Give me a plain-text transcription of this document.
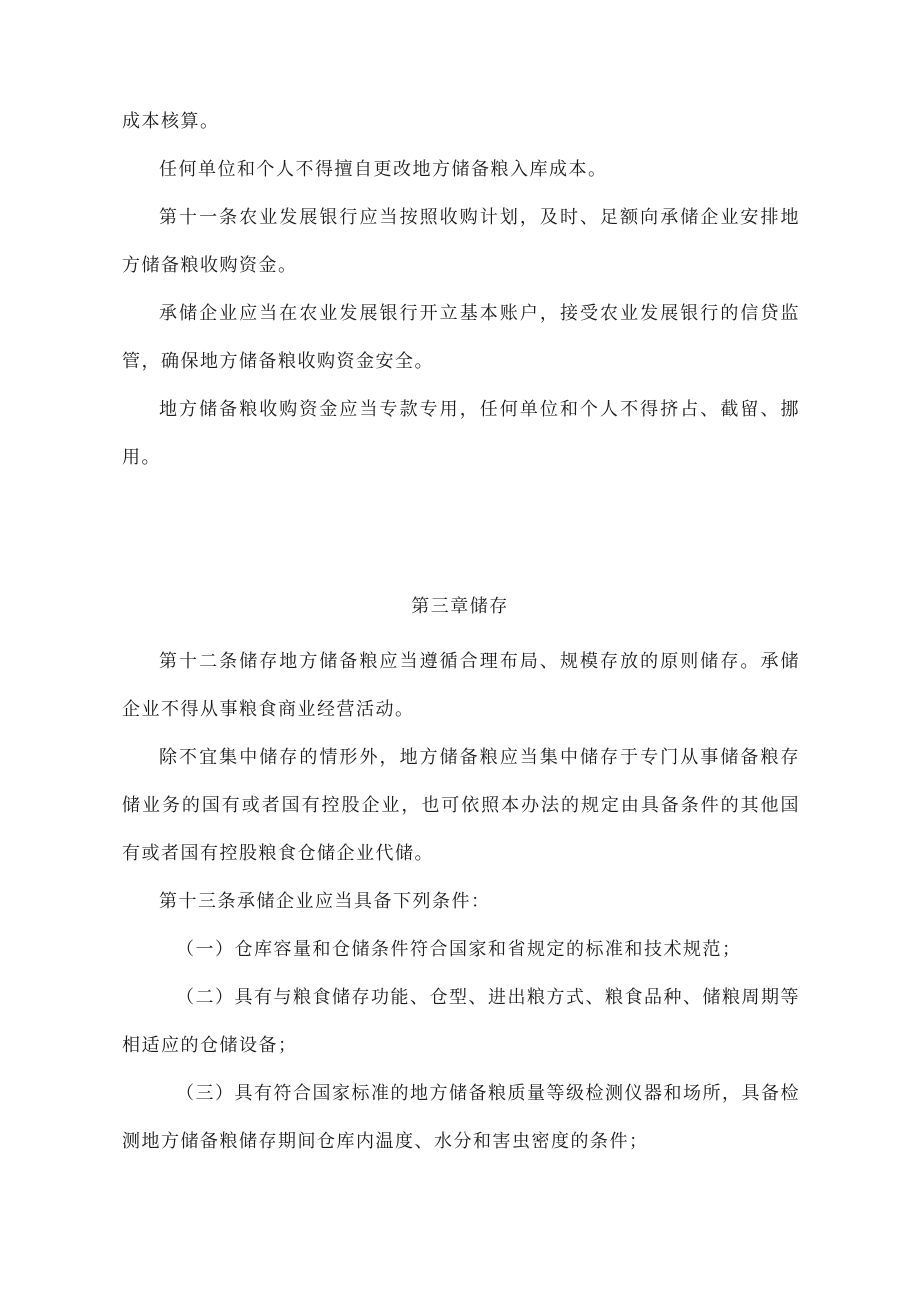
成本核算。

任何单位和个人不得擅自更改地方储备粮入库成本。

第十一条农业发展银行应当按照收购计划，及时、足额向承储企业安排地方储备粮收购资金。

承储企业应当在农业发展银行开立基本账户，接受农业发展银行的信贷监管，确保地方储备粮收购资金安全。

地方储备粮收购资金应当专款专用，任何单位和个人不得挤占、截留、挪用。

第三章储存

第十二条储存地方储备粮应当遵循合理布局、规模存放的原则储存。承储企业不得从事粮食商业经营活动。

除不宜集中储存的情形外，地方储备粮应当集中储存于专门从事储备粮存储业务的国有或者国有控股企业，也可依照本办法的规定由具备条件的其他国有或者国有控股粮食仓储企业代储。

第十三条承储企业应当具备下列条件：

（一）仓库容量和仓储条件符合国家和省规定的标准和技术规范；

（二）具有与粮食储存功能、仓型、进出粮方式、粮食品种、储粮周期等相适应的仓储设备；

（三）具有符合国家标准的地方储备粮质量等级检测仪器和场所，具备检测地方储备粮储存期间仓库内温度、水分和害虫密度的条件；
